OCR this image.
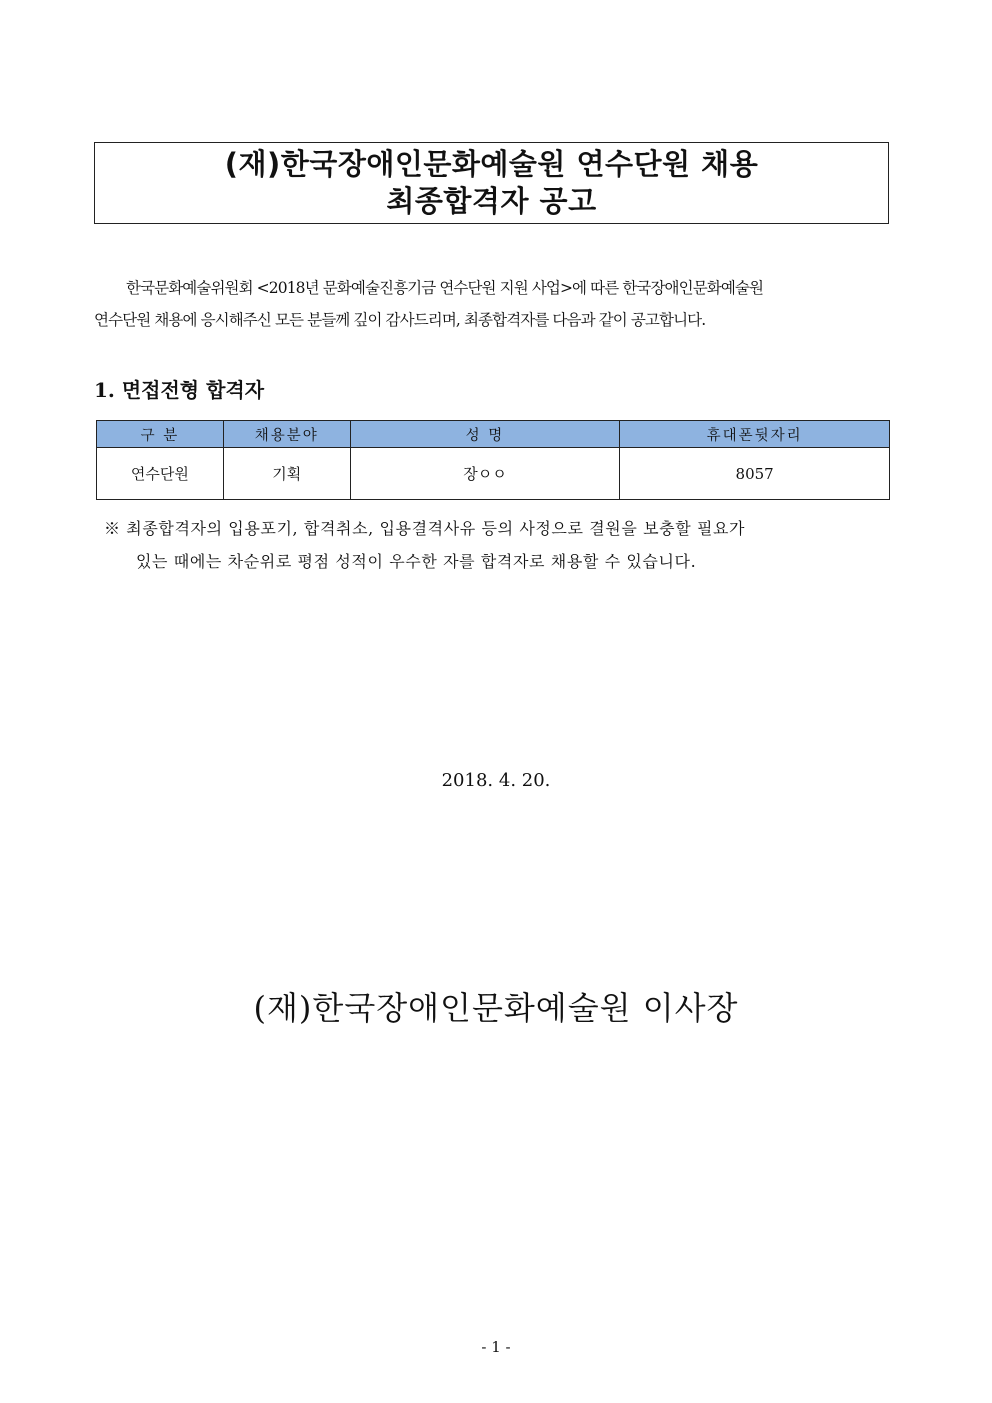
(재)한국장애인문화예술원 연수단원 채용
최종합격자 공고

한국문화예술위원회 <2018년 문화예술진흥기금 연수단원 지원 사업>에 따른 한국장애인문화예술원

연수단원 채용에 응시해주신 모든 분들께 깊이 감사드리며, 최종합격자를 다음과 같이 공고합니다.

1. 면접전형 합격자
구 분	채용분야	성 명	휴대폰뒷자리
연수단원	기획	장ㅇㅇ	8057

※ 최종합격자의 입용포기, 합격취소, 입용결격사유 등의 사정으로 결원을 보충할 필요가

있는 때에는 차순위로 평점 성적이 우수한 자를 합격자로 채용할 수 있습니다.

2018. 4. 20.
(재)한국장애인문화예술원 이사장
- 1 -
